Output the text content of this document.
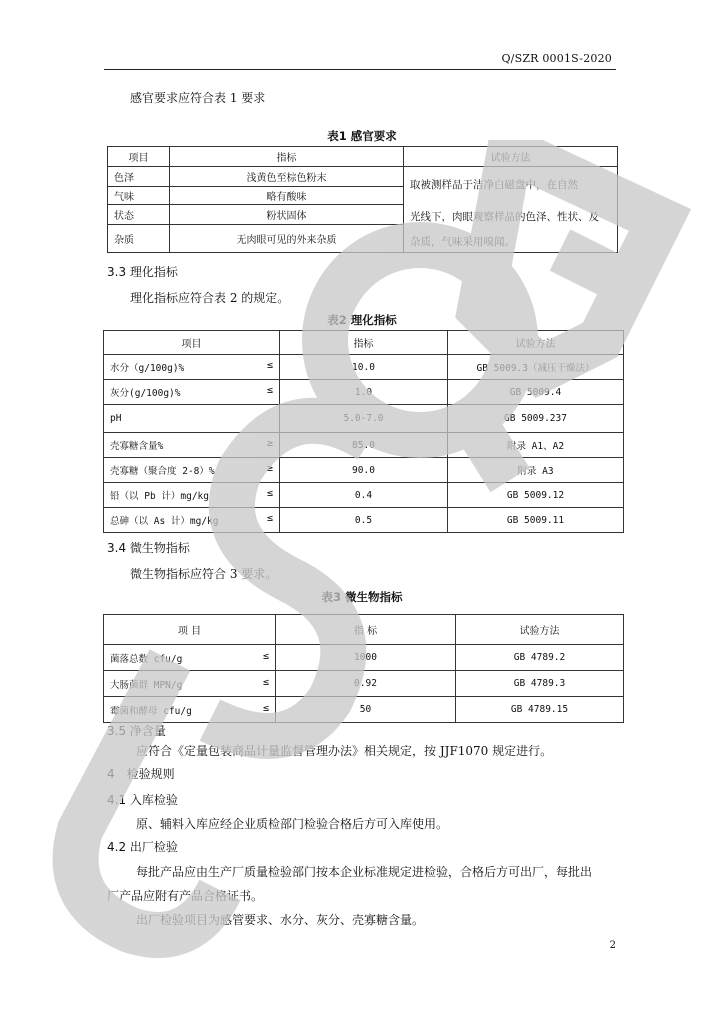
Q/SZR 0001S-2020
感官要求应符合表 1 要求
表1 感官要求
项目	指标	试验方法
色泽	浅黄色至棕色粉末	取被测样品于洁净白磁盘中，在自然
光线下，肉眼观察样品的色泽、性状、及
杂质，气味采用嗅闻。

气味	略有酸味	
状态	粉状固体	
杂质	无肉眼可见的外来杂质	
3.3 理化指标
理化指标应符合表 2 的规定。
表2 理化指标
项目	指标	试验方法
水分（g/100g)% ≤	10.0	GB 5009.3（减压干燥法）
灰分(g/100g)% ≤	1.0	GB 5009.4
pH	5.0-7.0	GB 5009.237
壳寡糖含量% ≥	85.0	附录 A1、A2
壳寡糖（聚合度 2-8）% ≥	90.0	附录 A3
铅（以 Pb 计）mg/kg ≤	0.4	GB 5009.12
总砷（以 As 计）mg/kg ≤	0.5	GB 5009.11
3.4 微生物指标
微生物指标应符合 3 要求。
表3 微生物指标
项 目	指 标	试验方法
菌落总数 cfu/g ≤	1000	GB 4789.2
大肠菌群 MPN/g ≤	0.92	GB 4789.3
霉菌和酵母 cfu/g ≤	50	GB 4789.15
3.5 净含量
应符合《定量包装商品计量监督管理办法》相关规定，按 JJF1070 规定进行。
4　检验规则
4.1 入库检验
原、辅料入库应经企业质检部门检验合格后方可入库使用。
4.2 出厂检验
每批产品应由生产厂质量检验部门按本企业标准规定进检验，合格后方可出厂，每批出
厂产品应附有产品合格证书。
出厂检验项目为感管要求、水分、灰分、壳寡糖含量。
2
